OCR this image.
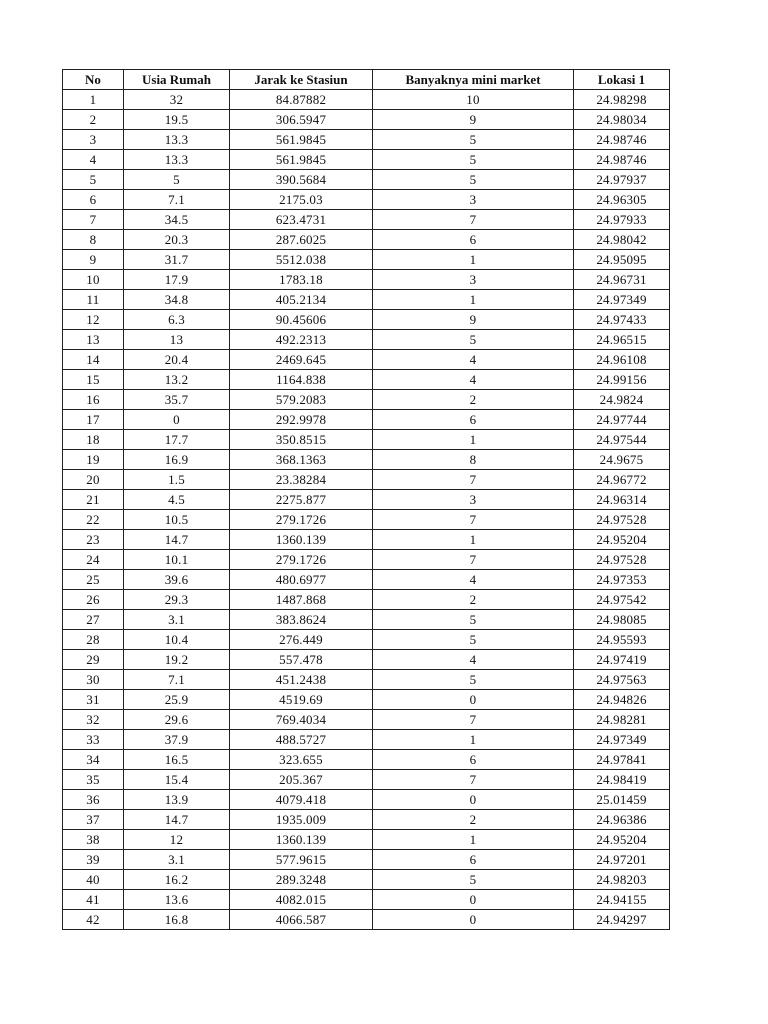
No	Usia Rumah	Jarak ke Stasiun	Banyaknya mini market	Lokasi 1
1	32	84.87882	10	24.98298
2	19.5	306.5947	9	24.98034
3	13.3	561.9845	5	24.98746
4	13.3	561.9845	5	24.98746
5	5	390.5684	5	24.97937
6	7.1	2175.03	3	24.96305
7	34.5	623.4731	7	24.97933
8	20.3	287.6025	6	24.98042
9	31.7	5512.038	1	24.95095
10	17.9	1783.18	3	24.96731
11	34.8	405.2134	1	24.97349
12	6.3	90.45606	9	24.97433
13	13	492.2313	5	24.96515
14	20.4	2469.645	4	24.96108
15	13.2	1164.838	4	24.99156
16	35.7	579.2083	2	24.9824
17	0	292.9978	6	24.97744
18	17.7	350.8515	1	24.97544
19	16.9	368.1363	8	24.9675
20	1.5	23.38284	7	24.96772
21	4.5	2275.877	3	24.96314
22	10.5	279.1726	7	24.97528
23	14.7	1360.139	1	24.95204
24	10.1	279.1726	7	24.97528
25	39.6	480.6977	4	24.97353
26	29.3	1487.868	2	24.97542
27	3.1	383.8624	5	24.98085
28	10.4	276.449	5	24.95593
29	19.2	557.478	4	24.97419
30	7.1	451.2438	5	24.97563
31	25.9	4519.69	0	24.94826
32	29.6	769.4034	7	24.98281
33	37.9	488.5727	1	24.97349
34	16.5	323.655	6	24.97841
35	15.4	205.367	7	24.98419
36	13.9	4079.418	0	25.01459
37	14.7	1935.009	2	24.96386
38	12	1360.139	1	24.95204
39	3.1	577.9615	6	24.97201
40	16.2	289.3248	5	24.98203
41	13.6	4082.015	0	24.94155
42	16.8	4066.587	0	24.94297
